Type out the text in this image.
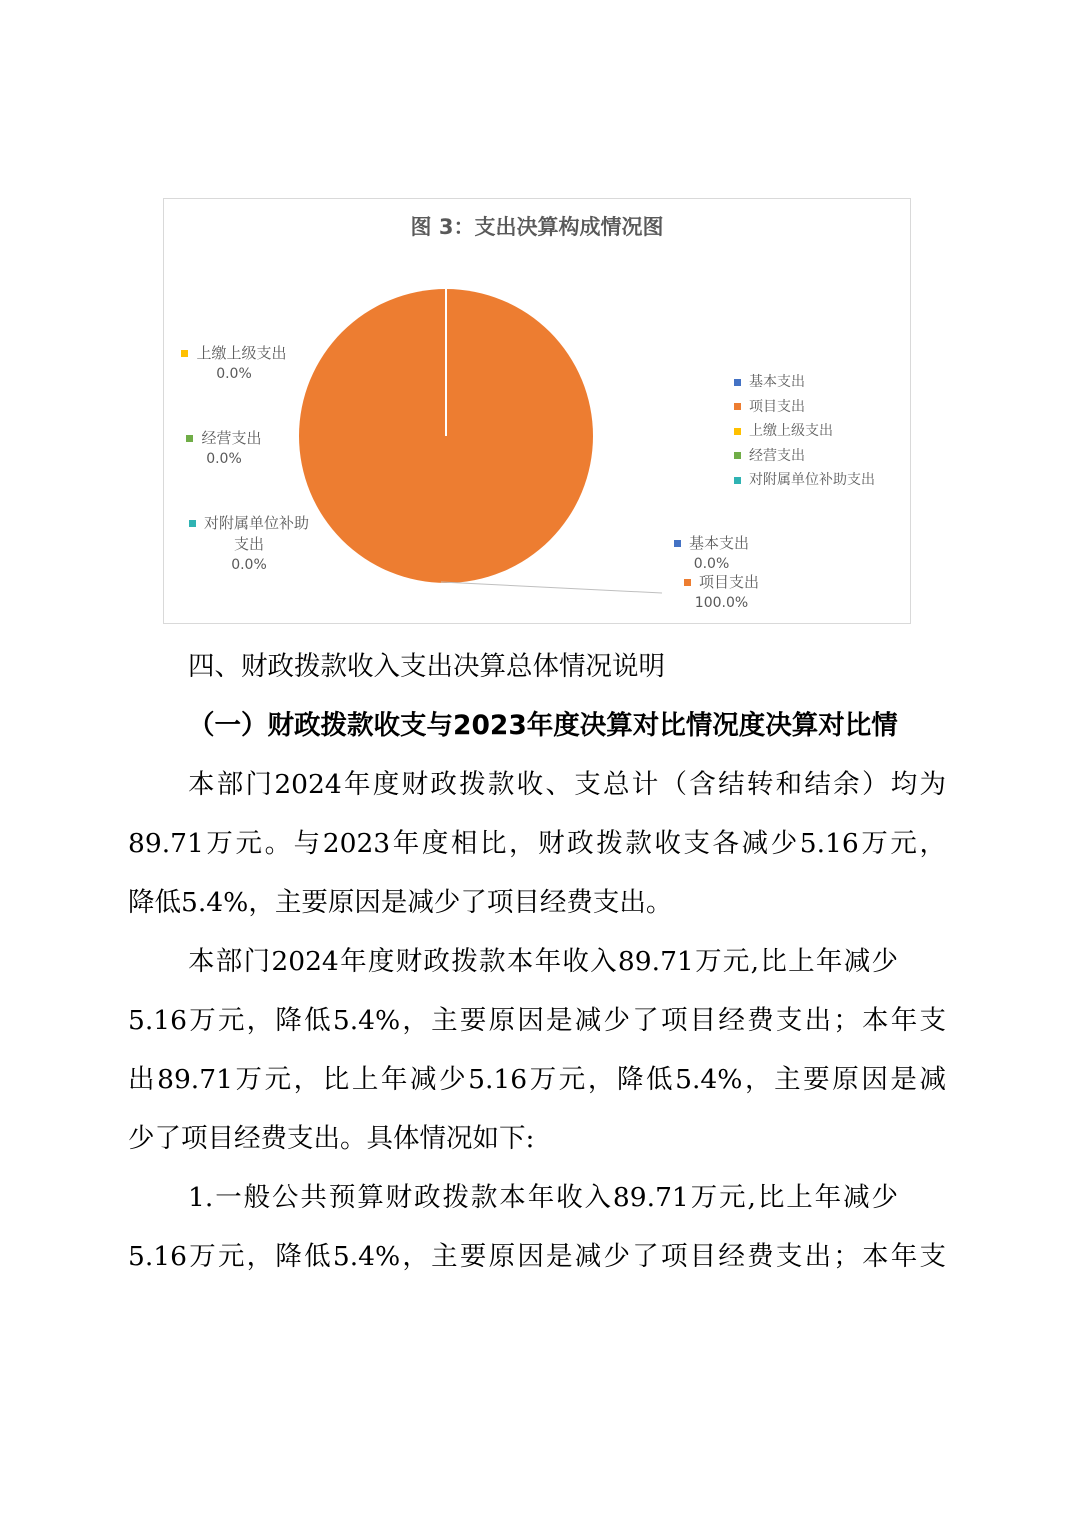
图 3：支出决算构成情况图
基本支出
项目支出
上缴上级支出
经营支出
对附属单位补助支出
上缴上级支出
0.0%
经营支出
0.0%
对附属单位补助
支出
0.0%
基本支出
0.0%
项目支出
100.0%
四、财政拨款收入支出决算总体情况说明
（一）财政拨款收支与2023年度决算对比情况度决算对比情
本部门2024年度财政拨款收、支总计（含结转和结余）均为
89.71万元。与2023年度相比，财政拨款收支各减少5.16万元，
降低5.4%，主要原因是减少了项目经费支出。
本部门2024年度财政拨款本年收入89.71万元,比上年减少
5.16万元，降低5.4%，主要原因是减少了项目经费支出；本年支
出89.71万元，比上年减少5.16万元，降低5.4%，主要原因是减
少了项目经费支出。具体情况如下:
1.一般公共预算财政拨款本年收入89.71万元,比上年减少
5.16万元，降低5.4%，主要原因是减少了项目经费支出；本年支
